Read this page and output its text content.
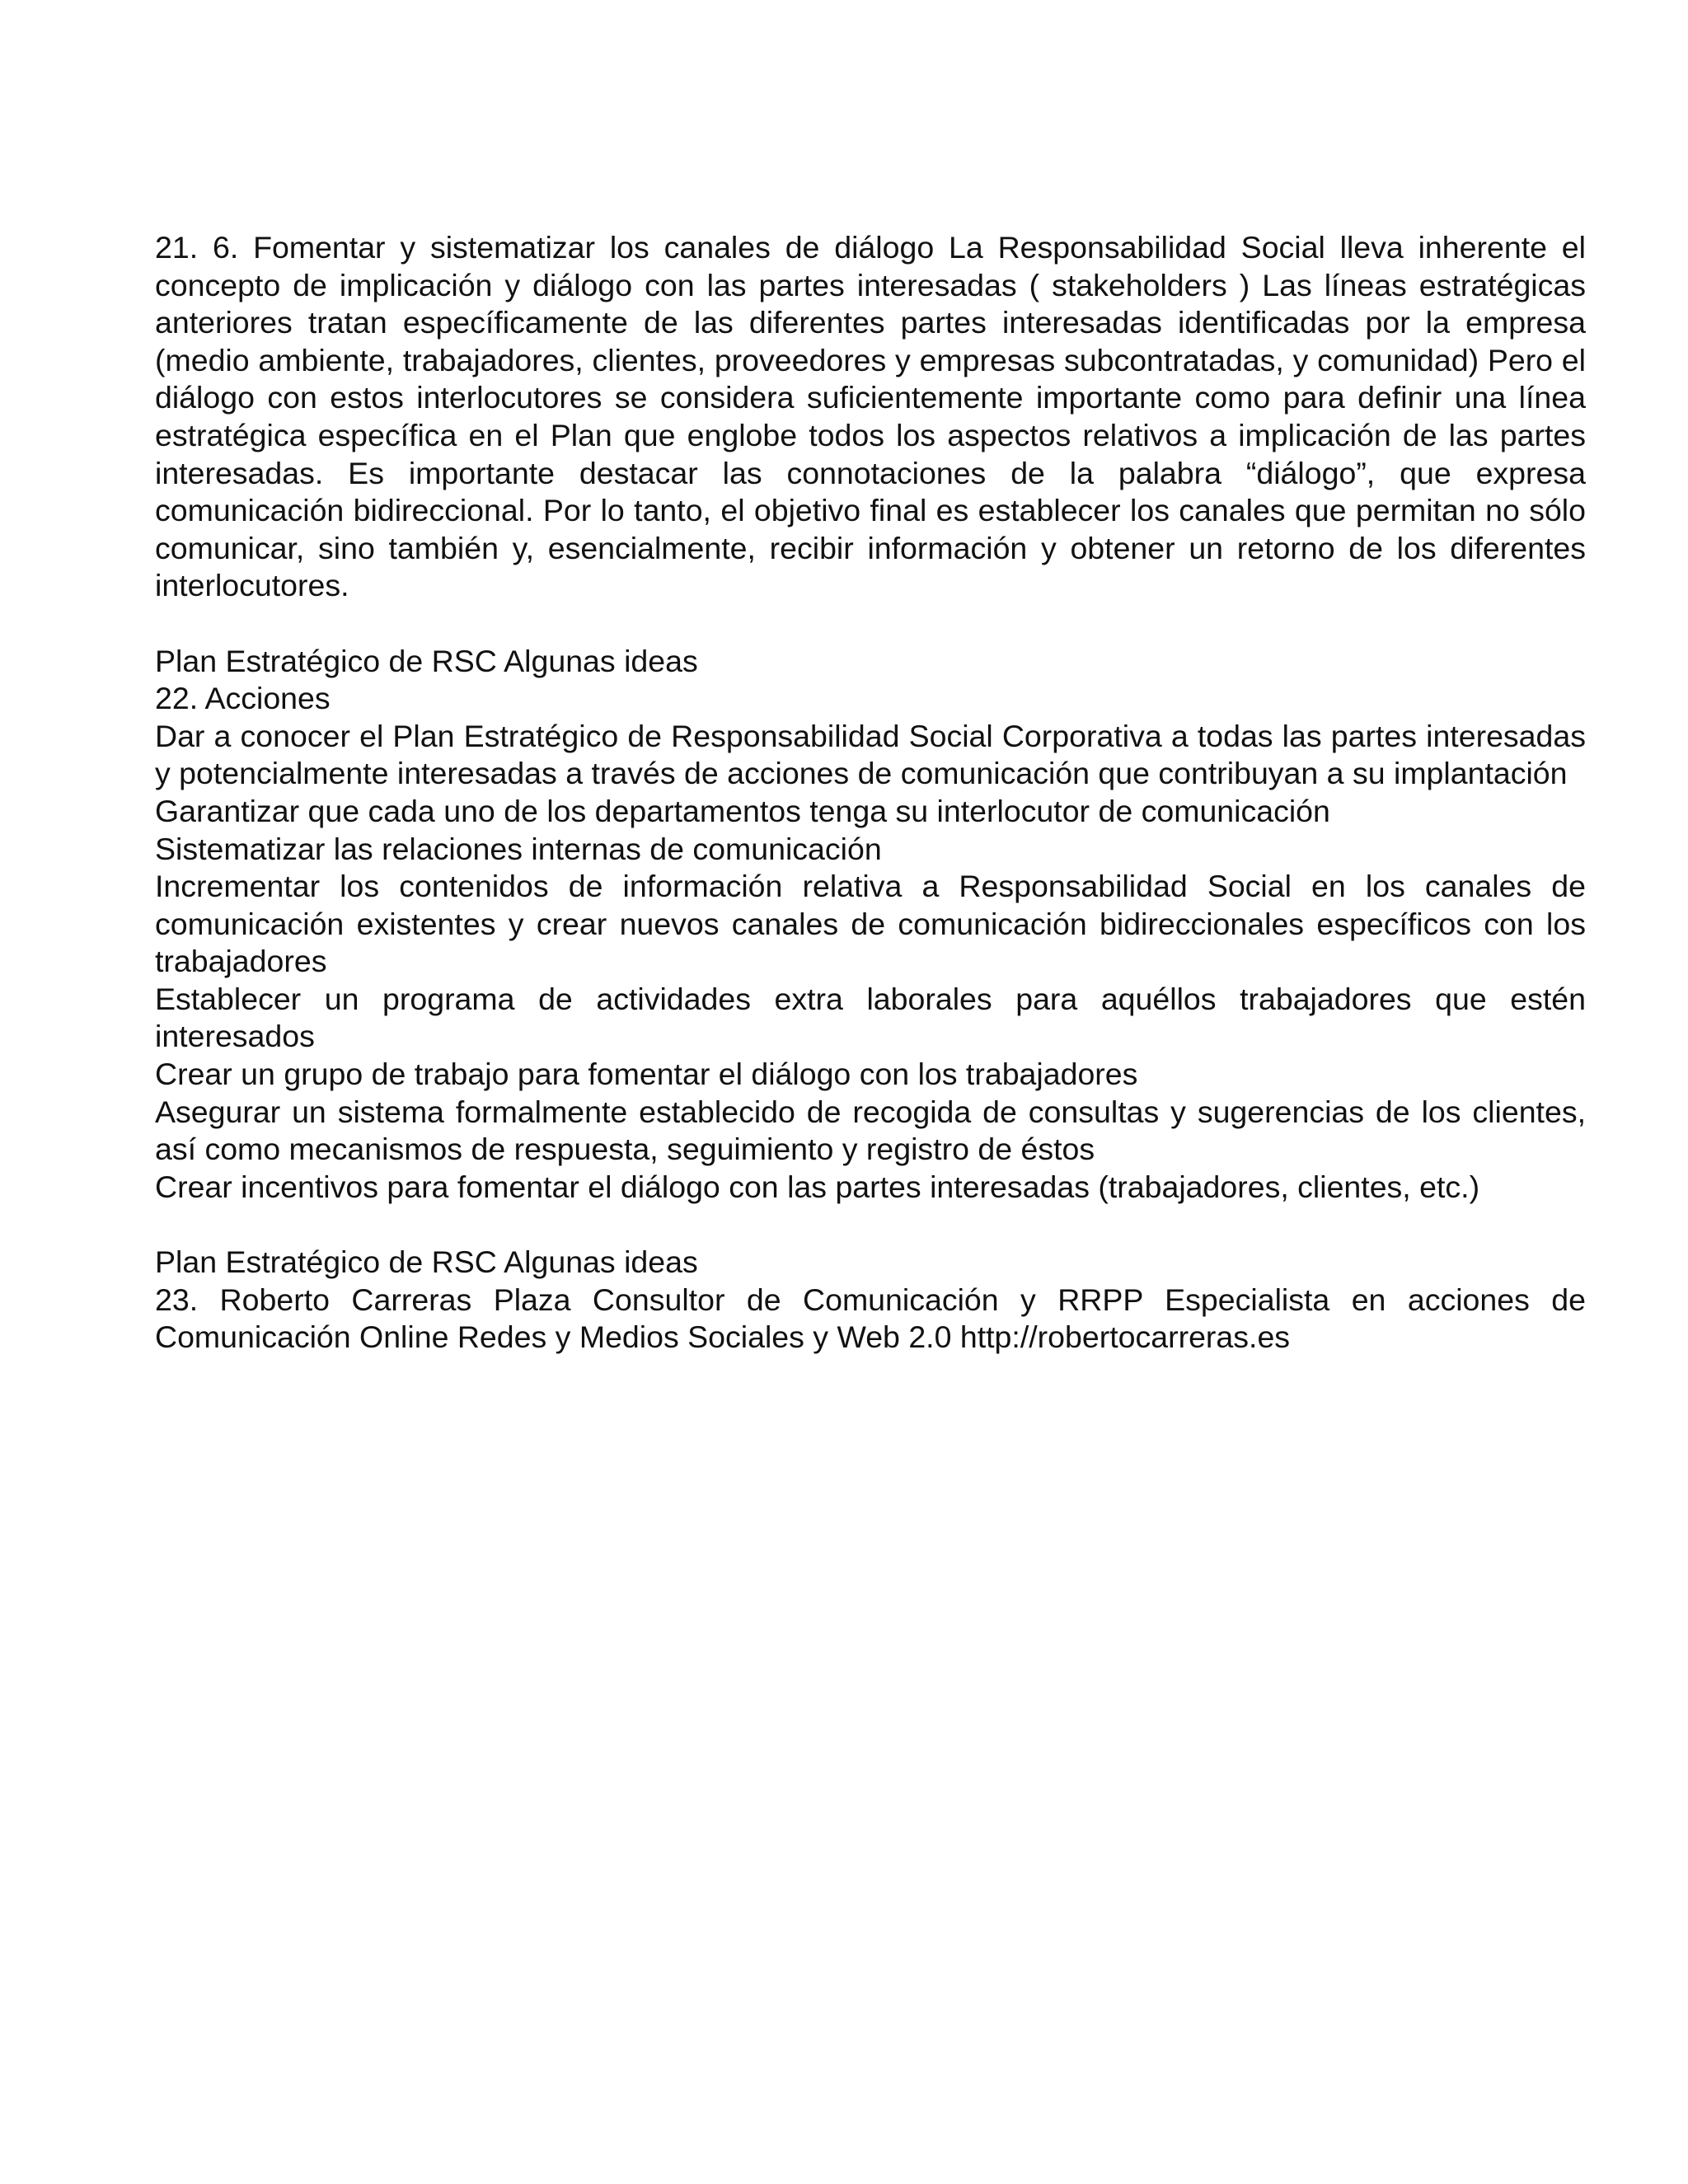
21. 6. Fomentar y sistematizar los canales de diálogo La Responsabilidad Social lleva inherente el concepto de implicación y diálogo con las partes interesadas ( stakeholders ) Las líneas estratégicas anteriores tratan específicamente de las diferentes partes interesadas identificadas por la empresa (medio ambiente, trabajadores, clientes, proveedores y empresas subcontratadas, y comunidad) Pero el diálogo con estos interlocutores se considera suficientemente importante como para definir una línea estratégica específica en el Plan que englobe todos los aspectos relativos a implicación de las partes interesadas. Es importante destacar las connotaciones de la palabra “diálogo”, que expresa comunicación bidireccional. Por lo tanto, el objetivo final es establecer los canales que permitan no sólo comunicar, sino también y, esencialmente, recibir información y obtener un retorno de los diferentes interlocutores.

Plan Estratégico de RSC Algunas ideas

22. Acciones

Dar a conocer el Plan Estratégico de Responsabilidad Social Corporativa a todas las partes interesadas y potencialmente interesadas a través de acciones de comunicación que contribuyan a su implantación

Garantizar que cada uno de los departamentos tenga su interlocutor de comunicación

Sistematizar las relaciones internas de comunicación

Incrementar los contenidos de información relativa a Responsabilidad Social en los canales de comunicación existentes y crear nuevos canales de comunicación bidireccionales específicos con los trabajadores

Establecer un programa de actividades extra laborales para aquéllos trabajadores que estén interesados

Crear un grupo de trabajo para fomentar el diálogo con los trabajadores

Asegurar un sistema formalmente establecido de recogida de consultas y sugerencias de los clientes, así como mecanismos de respuesta, seguimiento y registro de éstos

Crear incentivos para fomentar el diálogo con las partes interesadas (trabajadores, clientes, etc.)

Plan Estratégico de RSC Algunas ideas

23. Roberto Carreras Plaza Consultor de Comunicación y RRPP Especialista en acciones de Comunicación Online Redes y Medios Sociales y Web 2.0 http://robertocarreras.es
